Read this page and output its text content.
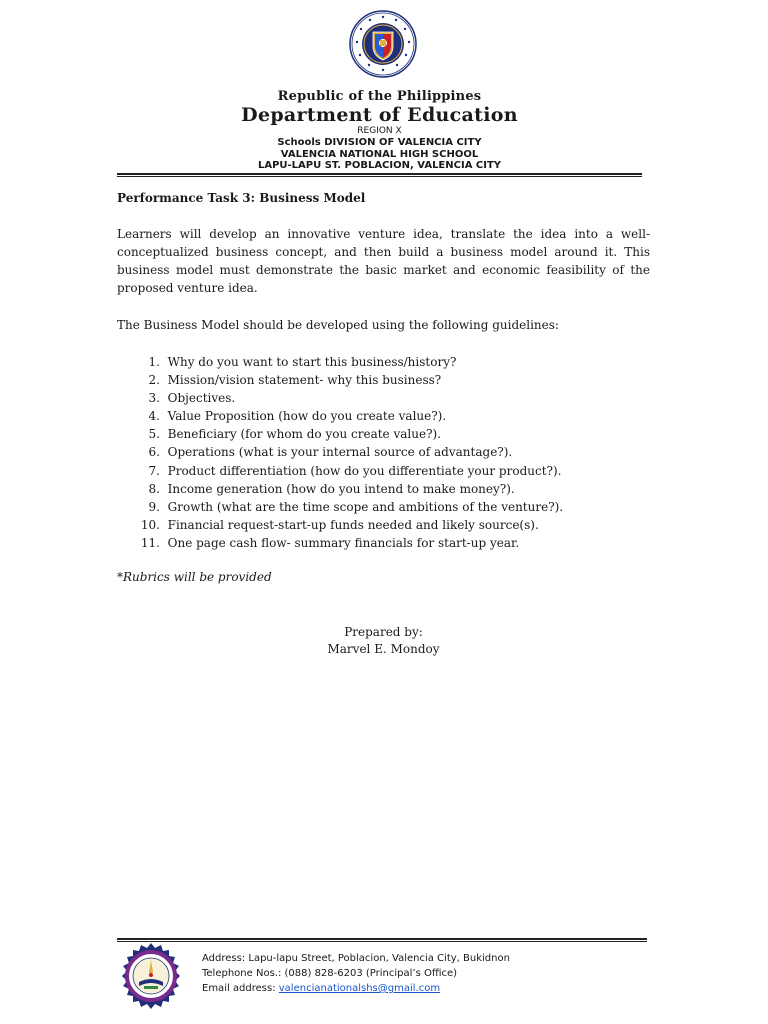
Republic of the Philippines
Department of Education
REGION X
Schools DIVISION OF VALENCIA CITY
VALENCIA NATIONAL HIGH SCHOOL
LAPU-LAPU ST. POBLACION, VALENCIA CITY
Performance Task 3: Business Model

Learners will develop an innovative venture idea, translate the idea into a well-conceptualized business concept, and then build a business model around it. This business model must demonstrate the basic market and economic feasibility of the proposed venture idea.

The Business Model should be developed using the following guidelines:
1.
Why do you want to start this business/history?
2.
Mission/vision statement- why this business?
3.
Objectives.
4.
Value Proposition (how do you create value?).
5.
Beneficiary (for whom do you create value?).
6.
Operations (what is your internal source of advantage?).
7.
Product differentiation (how do you differentiate your product?).
8.
Income generation (how do you intend to make money?).
9.
Growth (what are the time scope and ambitions of the venture?).
10.
Financial request-start-up funds needed and likely source(s).
11.
One page cash flow- summary financials for start-up year.
*Rubrics will be provided
Prepared by:
Marvel E. Mondoy
Address: Lapu-lapu Street, Poblacion, Valencia City, Bukidnon
Telephone Nos.: (088) 828-6203 (Principal’s Office)
Email address: valencianationalshs@gmail.com
